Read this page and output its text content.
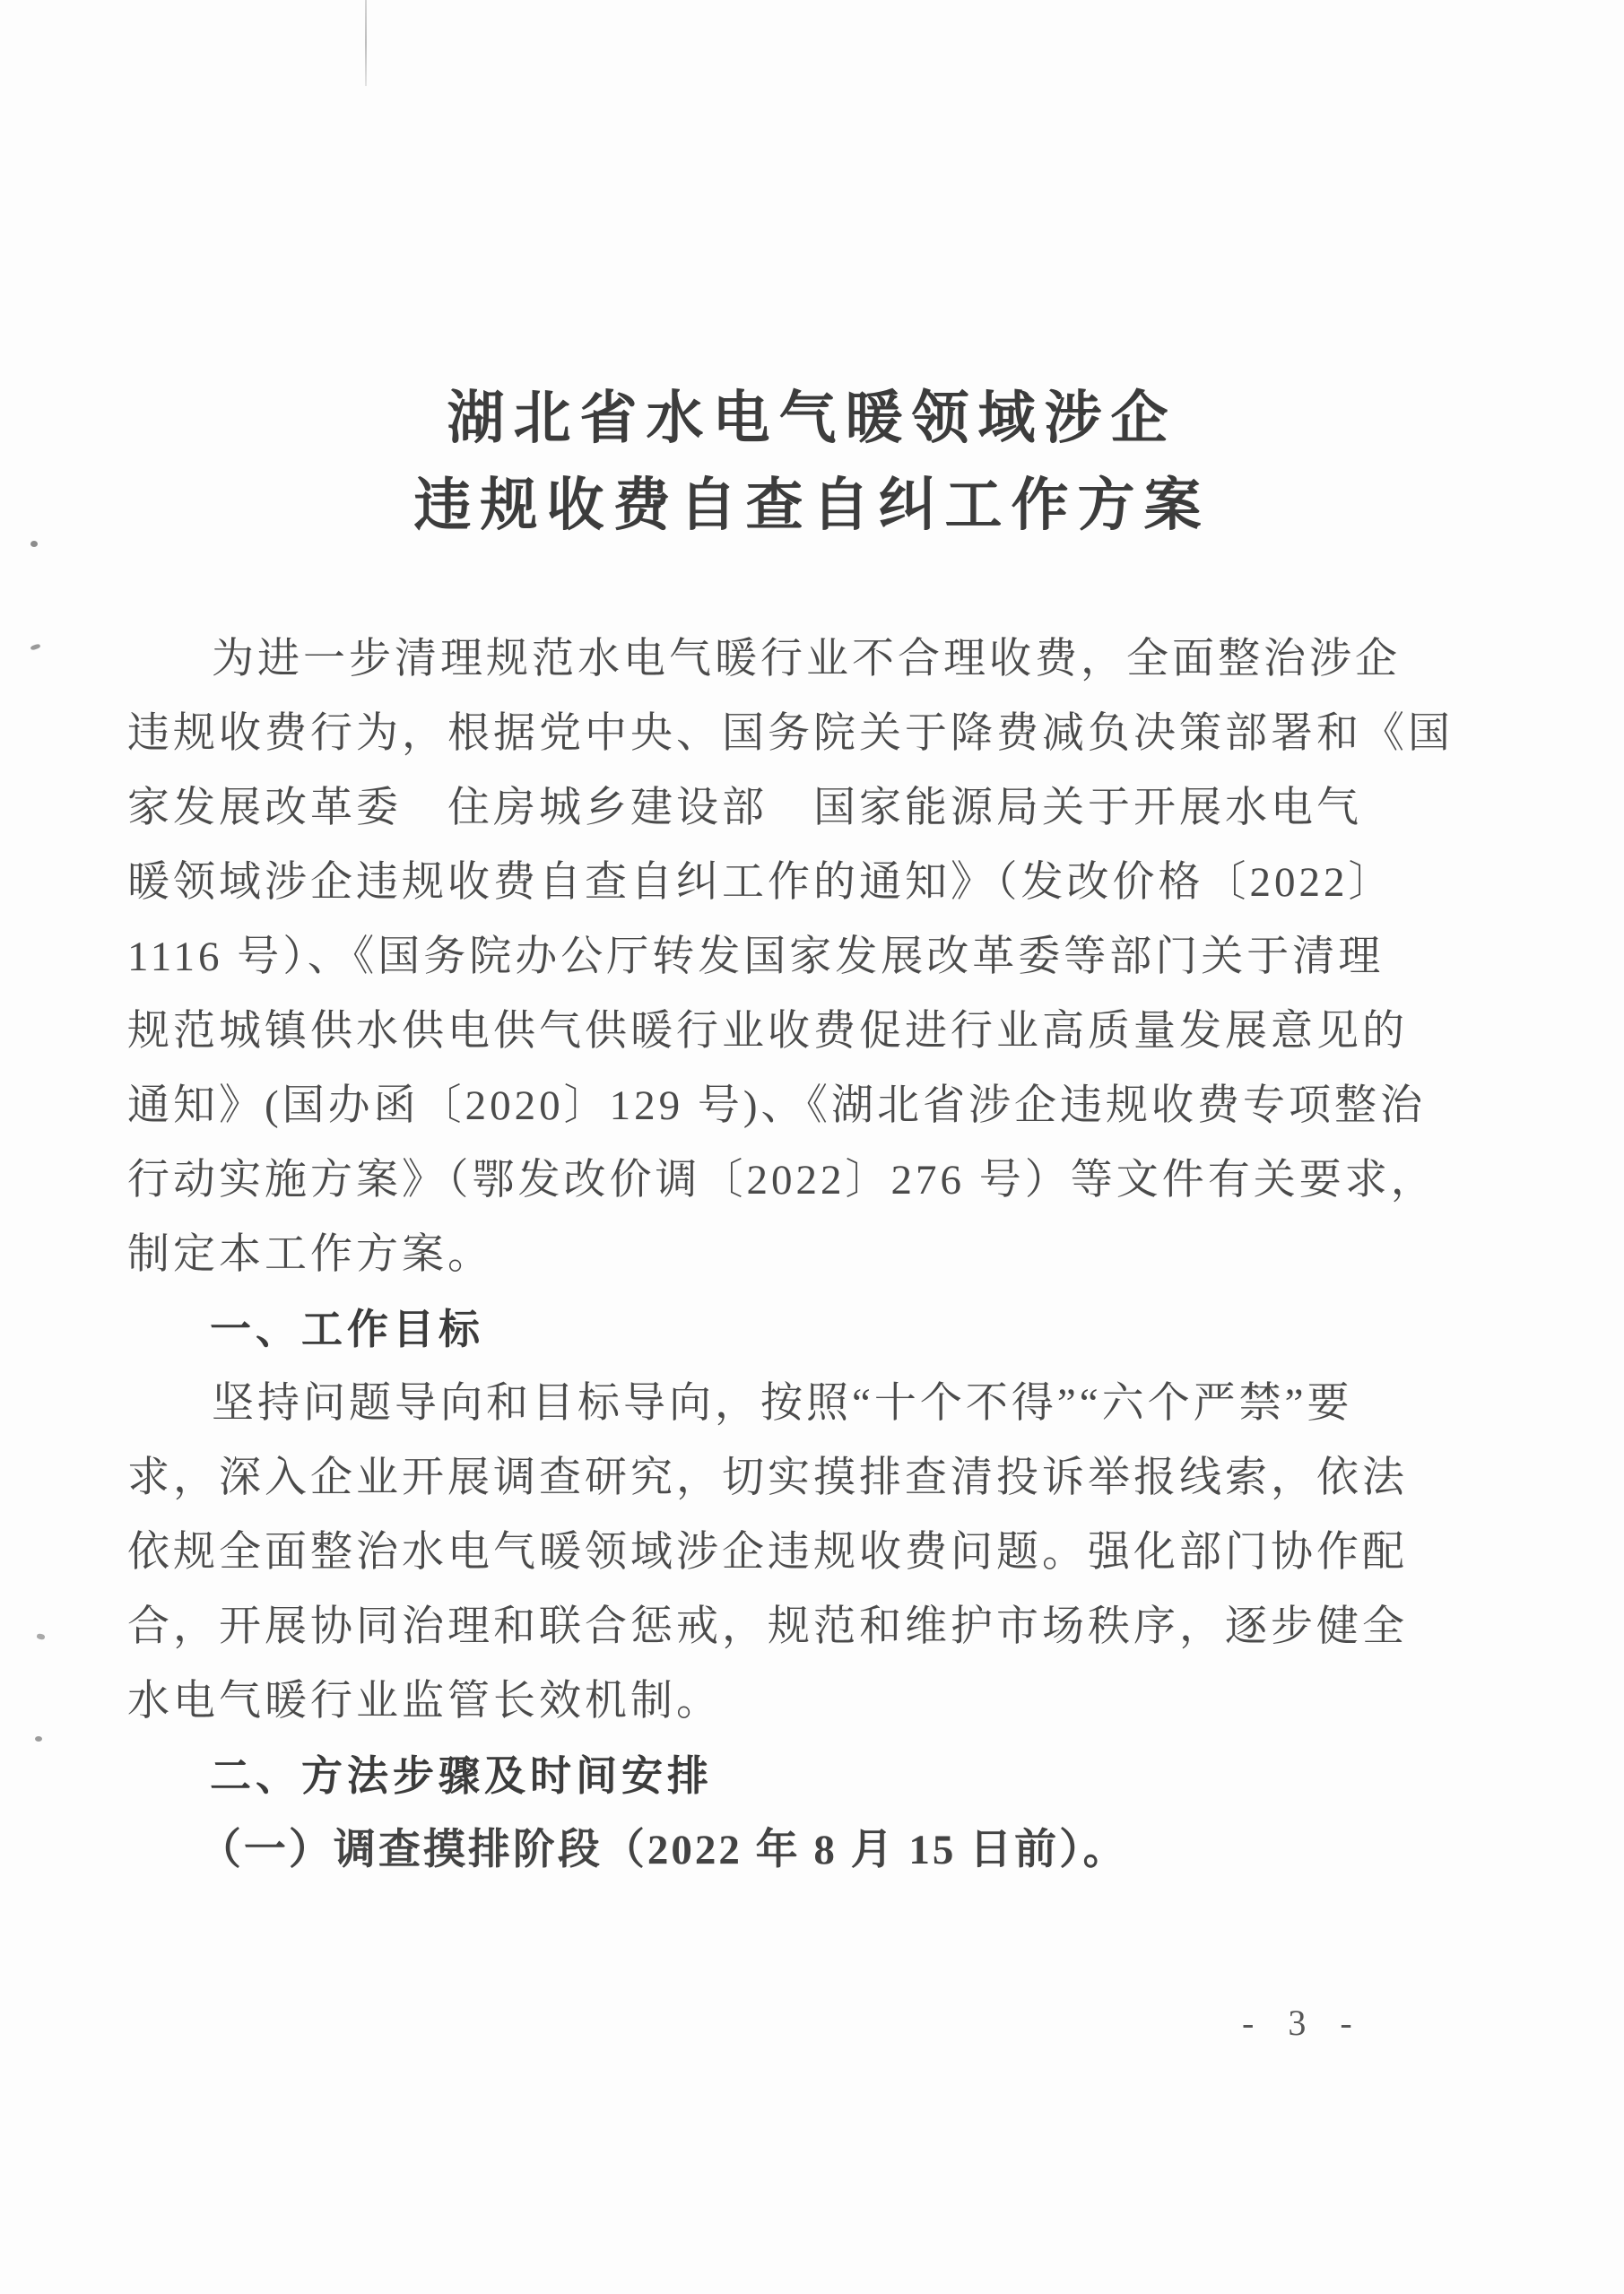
湖北省水电气暖领域涉企
违规收费自查自纠工作方案
为进一步清理规范水电气暖行业不合理收费，全面整治涉企
违规收费行为，根据党中央、国务院关于降费减负决策部署和《国
家发展改革委　住房城乡建设部　国家能源局关于开展水电气
暖领域涉企违规收费自查自纠工作的通知》（发改价格〔2022〕
1116 号）、《国务院办公厅转发国家发展改革委等部门关于清理
规范城镇供水供电供气供暖行业收费促进行业高质量发展意见的
通知》(国办函〔2020〕129 号)、《湖北省涉企违规收费专项整治
行动实施方案》（鄂发改价调〔2022〕276 号）等文件有关要求，
制定本工作方案。
一、工作目标
坚持问题导向和目标导向，按照“十个不得”“六个严禁”要
求，深入企业开展调查研究，切实摸排查清投诉举报线索，依法
依规全面整治水电气暖领域涉企违规收费问题。强化部门协作配
合，开展协同治理和联合惩戒，规范和维护市场秩序，逐步健全
水电气暖行业监管长效机制。
二、方法步骤及时间安排
（一）调查摸排阶段（2022 年 8 月 15 日前）。
- 3 -
